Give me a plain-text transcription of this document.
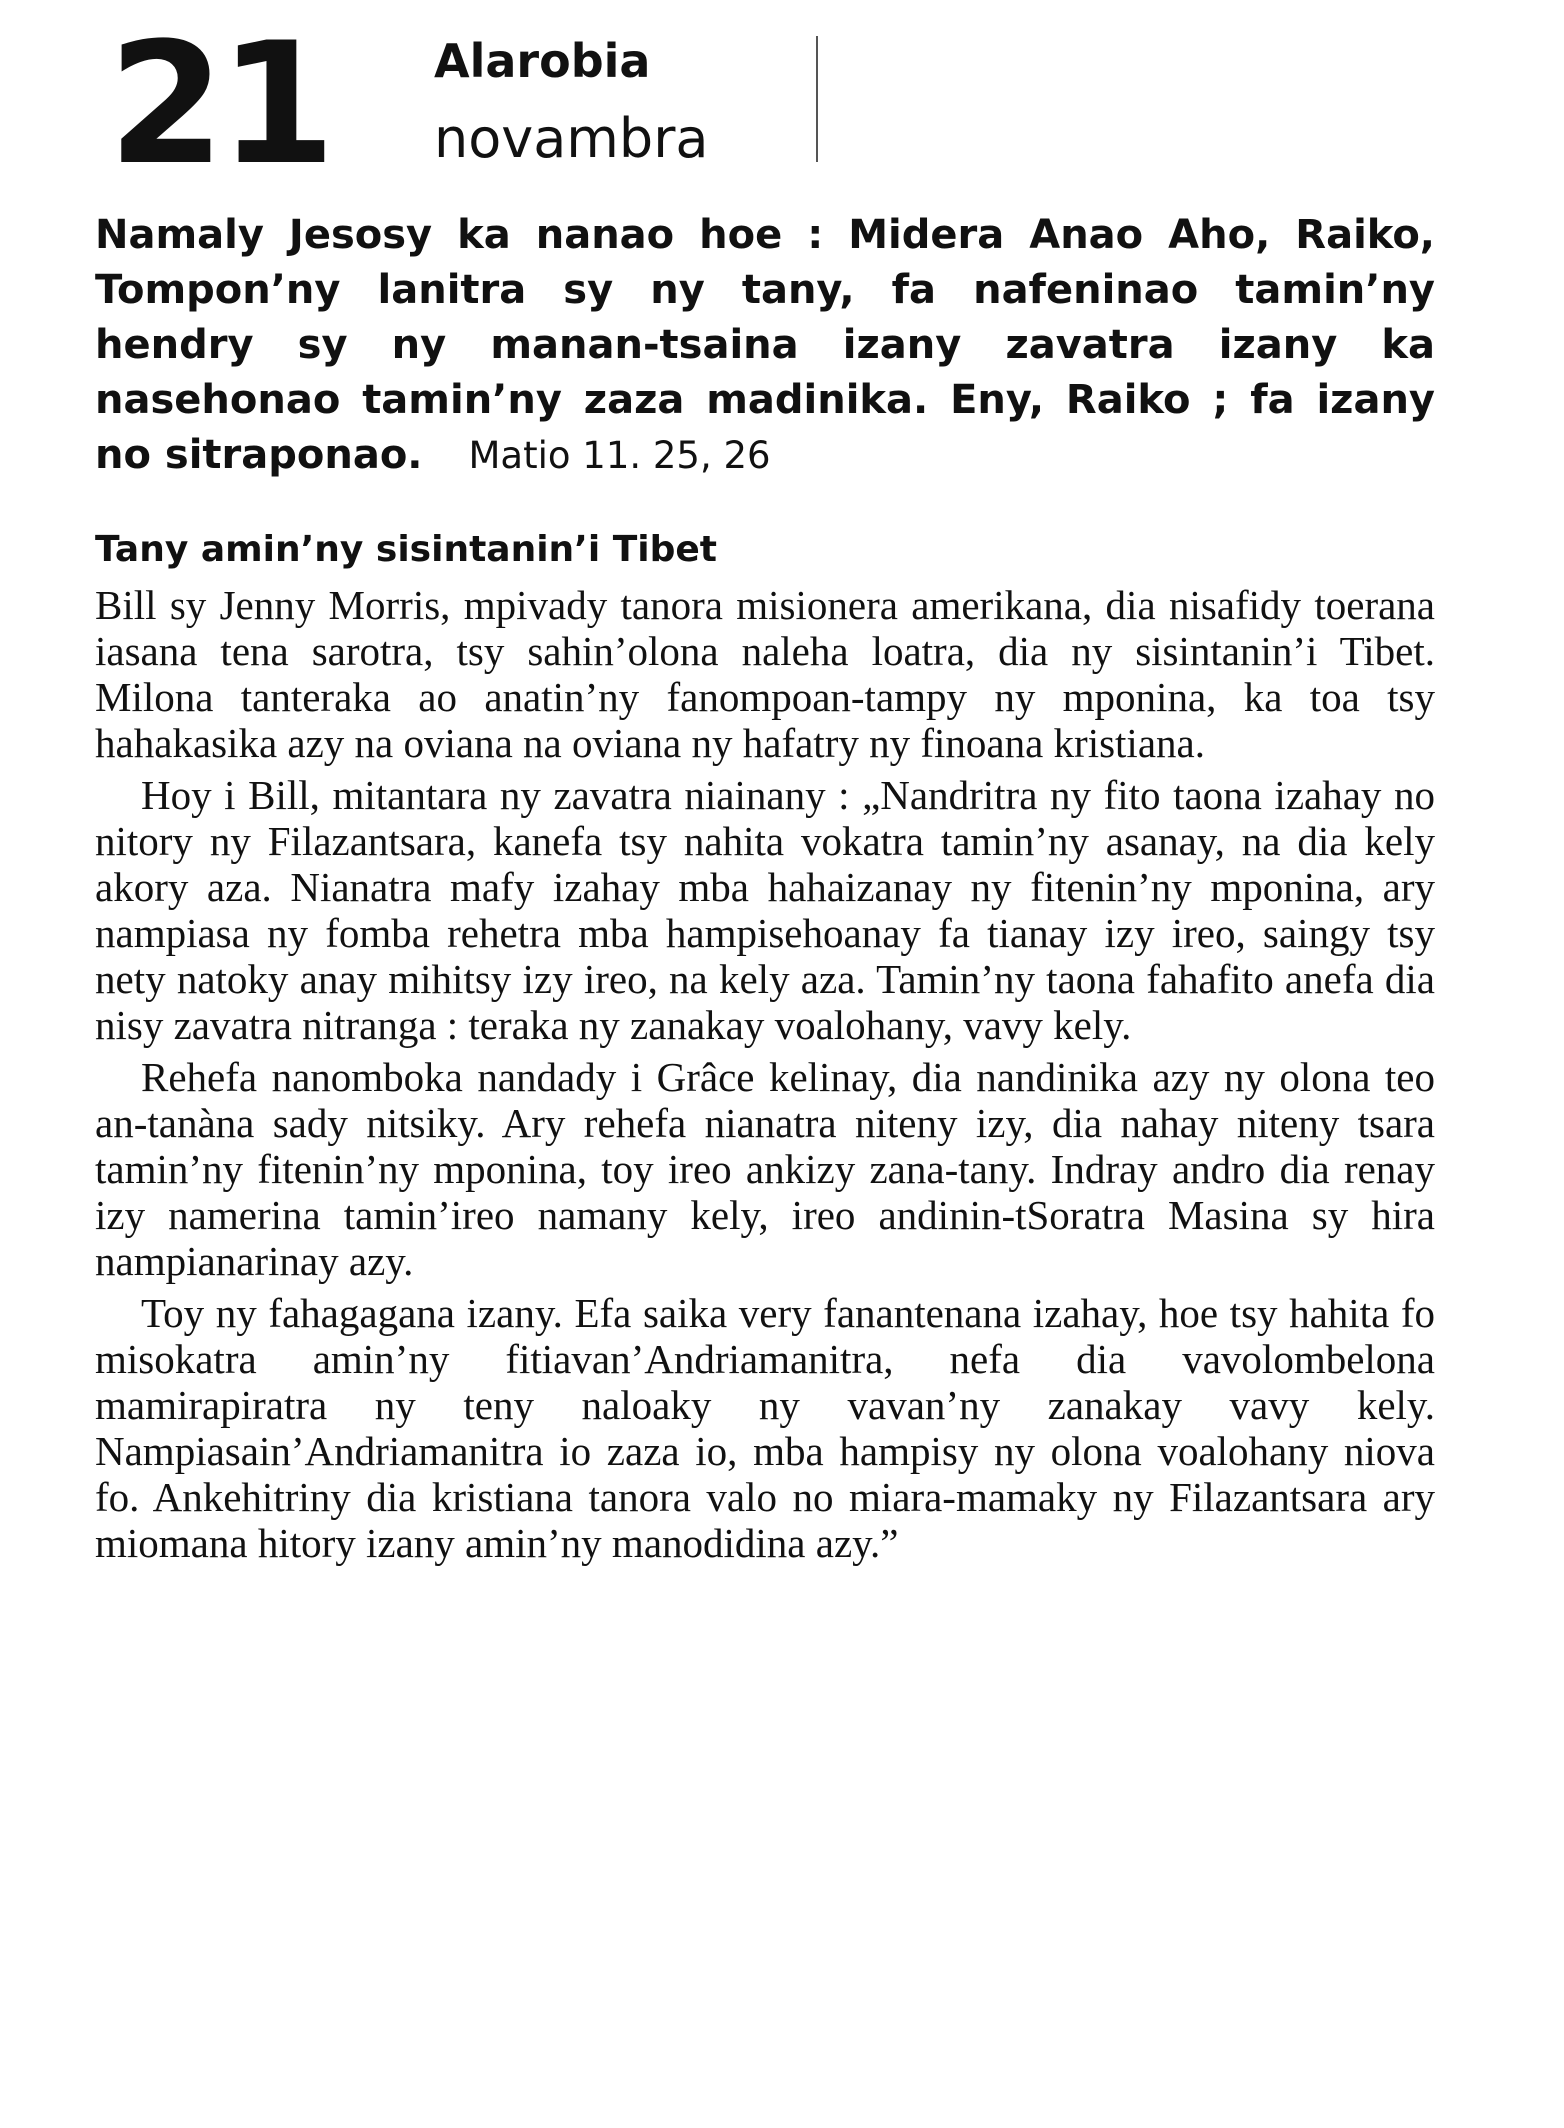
21 Alarobia
novambra

Namaly Jesosy ka nanao hoe : Midera Anao Aho, Raiko, Tompon’ny lanitra sy ny tany, fa nafeninao tamin’ny hendry sy ny manan-tsaina izany zavatra izany ka nasehonao tamin’ny zaza madinika. Eny, Raiko ; fa izany no sitraponao. Matio 11. 25, 26

Tany amin’ny sisintanin’i Tibet

Bill sy Jenny Morris, mpivady tanora misionera amerikana, dia nisafidy toerana iasana tena sarotra, tsy sahin’olona naleha loatra, dia ny sisintanin’i Tibet. Milona tanteraka ao anatin’ny fanompoan-tampy ny mponina, ka toa tsy hahakasika azy na oviana na oviana ny hafatry ny finoana kristiana.

Hoy i Bill, mitantara ny zavatra niainany : „Nandritra ny fito taona izahay no nitory ny Filazantsara, kanefa tsy nahita vokatra tamin’ny asanay, na dia kely akory aza. Nianatra mafy izahay mba hahaizanay ny fitenin’ny mponina, ary nampiasa ny fomba rehetra mba hampisehoanay fa tianay izy ireo, saingy tsy nety natoky anay mihitsy izy ireo, na kely aza. Tamin’ny taona fahafito anefa dia nisy zavatra nitranga : teraka ny zanakay voalohany, vavy kely.

Rehefa nanomboka nandady i Grâce kelinay, dia nandinika azy ny olona teo an-tanàna sady nitsiky. Ary rehefa nianatra niteny izy, dia nahay niteny tsara tamin’ny fitenin’ny mponina, toy ireo ankizy zana-tany. Indray andro dia renay izy namerina tamin’ireo namany kely, ireo andinin-tSoratra Masina sy hira nampianarinay azy.

Toy ny fahagagana izany. Efa saika very fanantenana izahay, hoe tsy hahita fo misokatra amin’ny fitiavan’Andriamanitra, nefa dia vavolombelona mamirapiratra ny teny naloaky ny vavan’ny zanakay vavy kely. Nampiasain’Andriamanitra io zaza io, mba hampisy ny olona voalohany niova fo. Ankehitriny dia kristiana tanora valo no miara-mamaky ny Filazantsara ary miomana hitory izany amin’ny manodidina azy.”
